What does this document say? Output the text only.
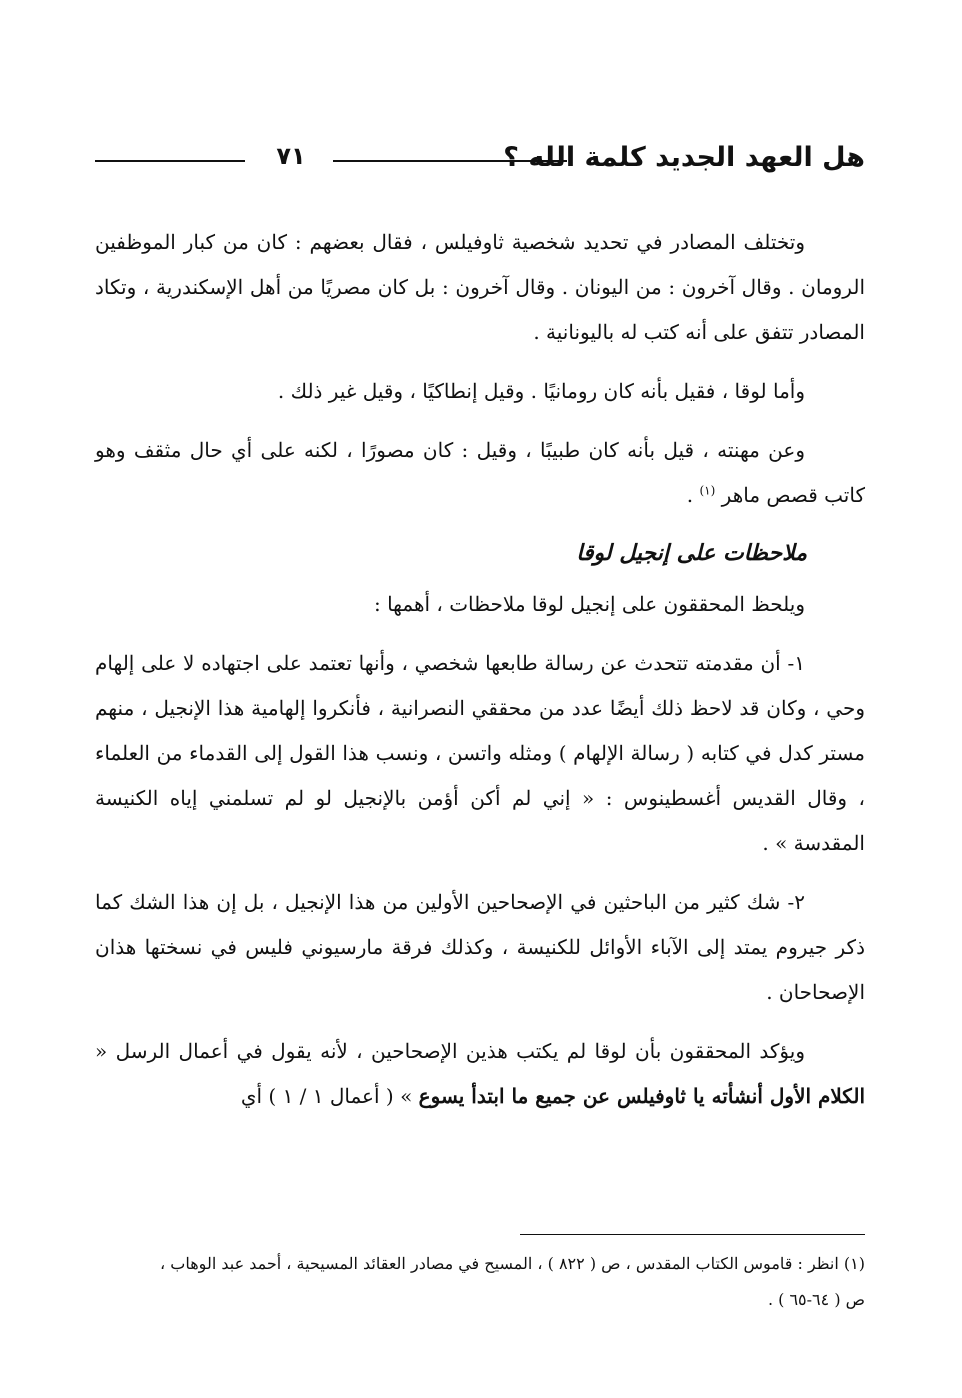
هل العهد الجديد كلمة الله ؟
٧١

وتختلف المصادر في تحديد شخصية ثاوفيلس ، فقال بعضهم : كان من كبار الموظفين الرومان . وقال آخرون : من اليونان . وقال آخرون : بل كان مصريًا من أهل الإسكندرية ، وتكاد المصادر تتفق على أنه كتب له باليونانية .

وأما لوقا ، فقيل بأنه كان رومانيًا . وقيل إنطاكيًا ، وقيل غير ذلك .

وعن مهنته ، قيل بأنه كان طبيبًا ، وقيل : كان مصورًا ، لكنه على أي حال مثقف وهو كاتب قصص ماهر $^{(١)}$ .

ملاحظات على إنجيل لوقا

ويلحظ المحققون على إنجيل لوقا ملاحظات ، أهمها :

١- أن مقدمته تتحدث عن رسالة طابعها شخصي ، وأنها تعتمد على اجتهاده لا على إلهام وحي ، وكان قد لاحظ ذلك أيضًا عدد من محققي النصرانية ، فأنكروا إلهامية هذا الإنجيل ، منهم مستر كدل في كتابه ( رسالة الإلهام ) ومثله واتسن ، ونسب هذا القول إلى القدماء من العلماء ، وقال القديس أغسطينوس : « إني لم أكن أؤمن بالإنجيل لو لم تسلمني إياه الكنيسة المقدسة » .

٢- شك كثير من الباحثين في الإصحاحين الأولين من هذا الإنجيل ، بل إن هذا الشك كما ذكر جيروم يمتد إلى الآباء الأوائل للكنيسة ، وكذلك فرقة مارسيوني فليس في نسختها هذان الإصحاحان .

ويؤكد المحققون بأن لوقا لم يكتب هذين الإصحاحين ، لأنه يقول في أعمال الرسل « الكلام الأول أنشأته يا ثاوفيلس عن جميع ما ابتدأ يسوع » ( أعمال ١ / ١ ) أي

(١) انظر : قاموس الكتاب المقدس ، ص ( ٨٢٢ ) ، المسيح في مصادر العقائد المسيحية ، أحمد عبد الوهاب ،

ص ( ٦٤-٦٥ ) .
